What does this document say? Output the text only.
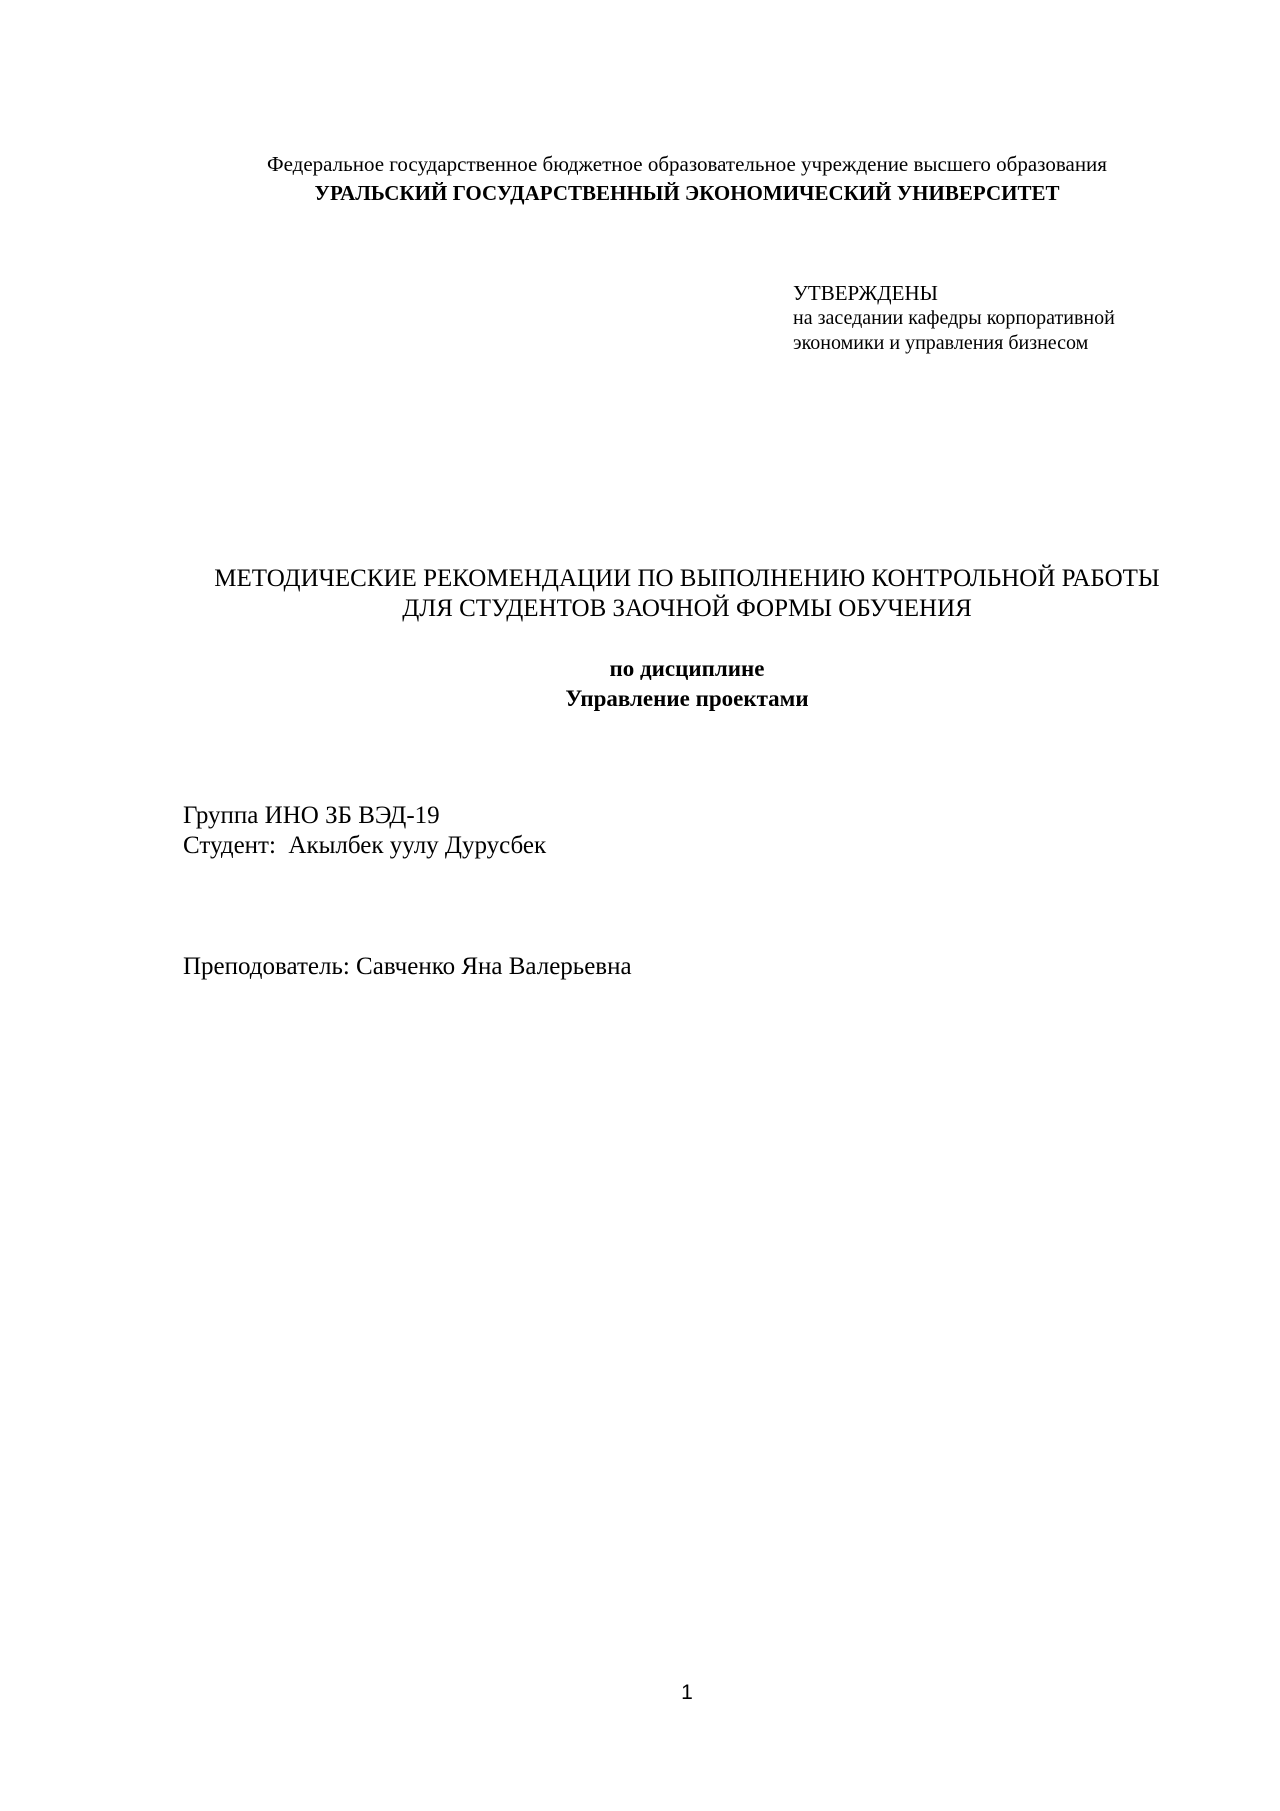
Федеральное государственное бюджетное образовательное учреждение высшего образования
УРАЛЬСКИЙ ГОСУДАРСТВЕННЫЙ ЭКОНОМИЧЕСКИЙ УНИВЕРСИТЕТ
УТВЕРЖДЕНЫ
на заседании кафедры корпоративной
экономики и управления бизнесом
МЕТОДИЧЕСКИЕ РЕКОМЕНДАЦИИ ПО ВЫПОЛНЕНИЮ КОНТРОЛЬНОЙ РАБОТЫ
ДЛЯ СТУДЕНТОВ ЗАОЧНОЙ ФОРМЫ ОБУЧЕНИЯ
по дисциплине
Управление проектами
Группа ИНО ЗБ ВЭД-19
Студент:  Акылбек уулу Дурусбек
Преподователь: Савченко Яна Валерьевна
1
